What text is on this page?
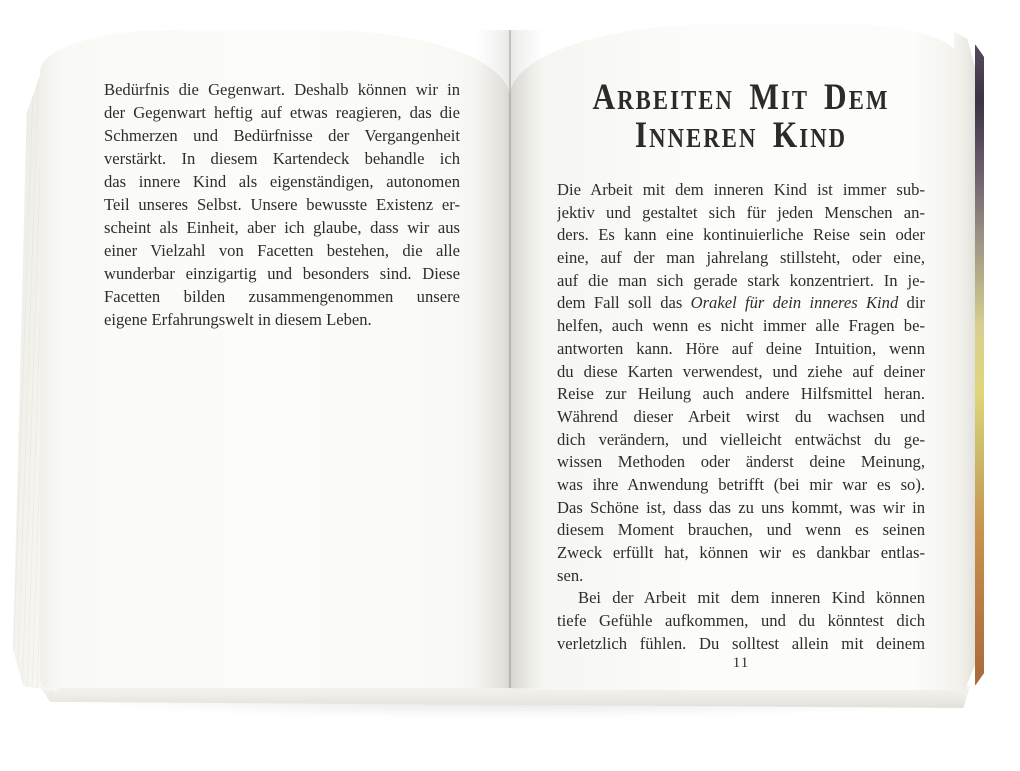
Bedürfnis die Gegenwart. Deshalb können wir in
der Gegenwart heftig auf etwas reagieren, das die
Schmerzen und Bedürfnisse der Vergangenheit
verstärkt. In diesem Kartendeck behandle ich
das innere Kind als eigenständigen, autonomen
Teil unseres Selbst. Unsere bewusste Existenz er-
scheint als Einheit, aber ich glaube, dass wir aus
einer Vielzahl von Facetten bestehen, die alle
wunderbar einzigartig und besonders sind. Diese
Facetten bilden zusammengenommen unsere
eigene Erfahrungswelt in diesem Leben.
ARBEITEN MIT DEM
INNEREN KIND
Die Arbeit mit dem inneren Kind ist immer sub-
jektiv und gestaltet sich für jeden Menschen an-
ders. Es kann eine kontinuierliche Reise sein oder
eine, auf der man jahrelang stillsteht, oder eine,
auf die man sich gerade stark konzentriert. In je-
dem Fall soll das Orakel für dein inneres Kind dir
helfen, auch wenn es nicht immer alle Fragen be-
antworten kann. Höre auf deine Intuition, wenn
du diese Karten verwendest, und ziehe auf deiner
Reise zur Heilung auch andere Hilfsmittel heran.
Während dieser Arbeit wirst du wachsen und
dich verändern, und vielleicht entwächst du ge-
wissen Methoden oder änderst deine Meinung,
was ihre Anwendung betrifft (bei mir war es so).
Das Schöne ist, dass das zu uns kommt, was wir in
diesem Moment brauchen, und wenn es seinen
Zweck erfüllt hat, können wir es dankbar entlas-
sen.
Bei der Arbeit mit dem inneren Kind können
tiefe Gefühle aufkommen, und du könntest dich
verletzlich fühlen. Du solltest allein mit deinem
11
